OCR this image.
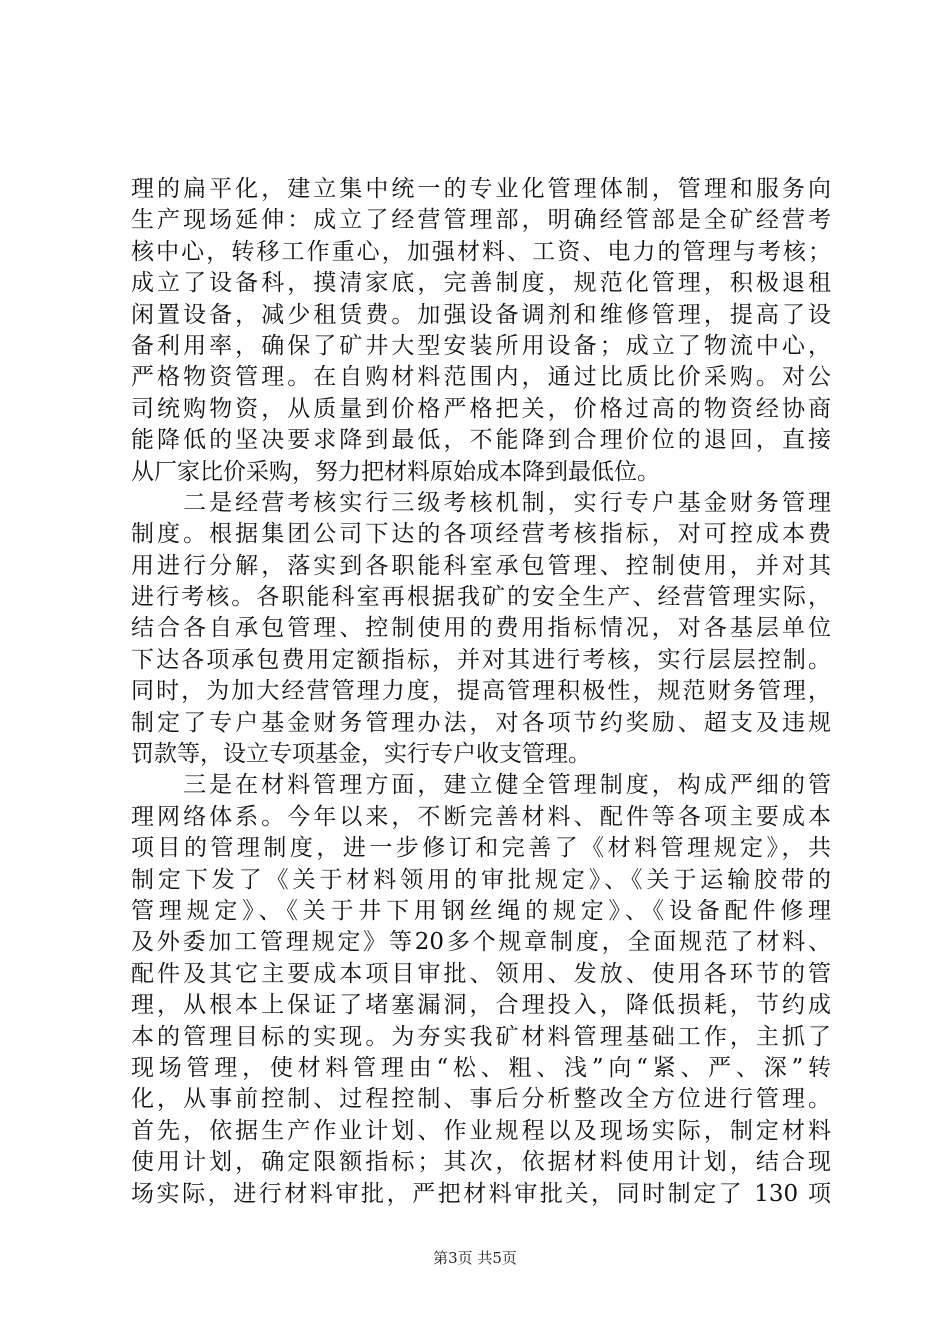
理的扁平化，建立集中统一的专业化管理体制，管理和服务向
生产现场延伸：成立了经营管理部，明确经管部是全矿经营考
核中心，转移工作重心，加强材料、工资、电力的管理与考核；
成立了设备科，摸清家底，完善制度，规范化管理，积极退租
闲置设备，减少租赁费。加强设备调剂和维修管理，提高了设
备利用率，确保了矿井大型安装所用设备；成立了物流中心，
严格物资管理。在自购材料范围内，通过比质比价采购。对公
司统购物资，从质量到价格严格把关，价格过高的物资经协商
能降低的坚决要求降到最低，不能降到合理价位的退回，直接
从厂家比价采购，努力把材料原始成本降到最低位。
　　二是经营考核实行三级考核机制，实行专户基金财务管理
制度。根据集团公司下达的各项经营考核指标，对可控成本费
用进行分解，落实到各职能科室承包管理、控制使用，并对其
进行考核。各职能科室再根据我矿的安全生产、经营管理实际，
结合各自承包管理、控制使用的费用指标情况，对各基层单位
下达各项承包费用定额指标，并对其进行考核，实行层层控制。
同时，为加大经营管理力度，提高管理积极性，规范财务管理，
制定了专户基金财务管理办法，对各项节约奖励、超支及违规
罚款等，设立专项基金，实行专户收支管理。
　　三是在材料管理方面，建立健全管理制度，构成严细的管
理网络体系。今年以来，不断完善材料、配件等各项主要成本
项目的管理制度，进一步修订和完善了《材料管理规定》，共
制定下发了《关于材料领用的审批规定》、《关于运输胶带的
管理规定》、《关于井下用钢丝绳的规定》、《设备配件修理
及外委加工管理规定》等20多个规章制度，全面规范了材料、
配件及其它主要成本项目审批、领用、发放、使用各环节的管
理，从根本上保证了堵塞漏洞，合理投入，降低损耗，节约成
本的管理目标的实现。为夯实我矿材料管理基础工作，主抓了
现场管理，使材料管理由“松、粗、浅”向“紧、严、深”转
化，从事前控制、过程控制、事后分析整改全方位进行管理。
首先，依据生产作业计划、作业规程以及现场实际，制定材料
使用计划，确定限额指标；其次，依据材料使用计划，结合现
场实际，进行材料审批，严把材料审批关，同时制定了 130 项
第3页 共5页
